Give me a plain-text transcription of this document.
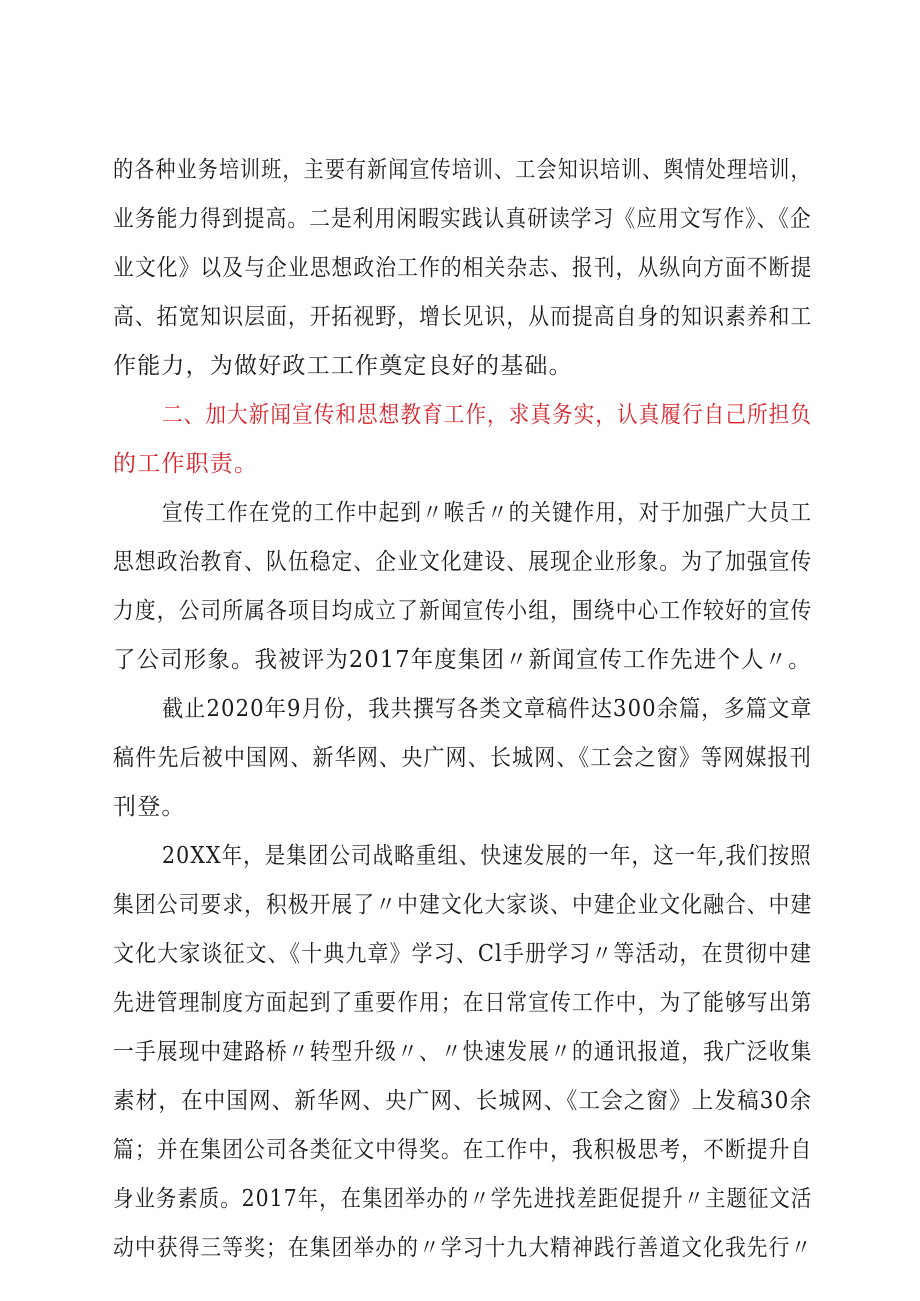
的各种业务培训班，主要有新闻宣传培训、工会知识培训、舆情处理培训，
业务能力得到提高。二是利用闲暇实践认真研读学习《应用文写作》、《企
业文化》以及与企业思想政治工作的相关杂志、报刊，从纵向方面不断提
高、拓宽知识层面，开拓视野，增长见识，从而提高自身的知识素养和工
作能力，为做好政工工作奠定良好的基础。
二、加大新闻宣传和思想教育工作，求真务实，认真履行自己所担负
的工作职责。
宣传工作在党的工作中起到〃喉舌〃的关键作用，对于加强广大员工
思想政治教育、队伍稳定、企业文化建设、展现企业形象。为了加强宣传
力度，公司所属各项目均成立了新闻宣传小组，围绕中心工作较好的宣传
了公司形象。我被评为2017年度集团〃新闻宣传工作先进个人〃。
截止2020年9月份，我共撰写各类文章稿件达300余篇，多篇文章
稿件先后被中国网、新华网、央广网、长城网、《工会之窗》等网媒报刊
刊登。
20XX年，是集团公司战略重组、快速发展的一年，这一年,我们按照
集团公司要求，积极开展了〃中建文化大家谈、中建企业文化融合、中建
文化大家谈征文、《十典九章》学习、Cl手册学习〃等活动，在贯彻中建
先进管理制度方面起到了重要作用；在日常宣传工作中，为了能够写出第
一手展现中建路桥〃转型升级〃、〃快速发展〃的通讯报道，我广泛收集
素材，在中国网、新华网、央广网、长城网、《工会之窗》上发稿30余
篇；并在集团公司各类征文中得奖。在工作中，我积极思考，不断提升自
身业务素质。2017年，在集团举办的〃学先进找差距促提升〃主题征文活
动中获得三等奖；在集团举办的〃学习十九大精神践行善道文化我先行〃
